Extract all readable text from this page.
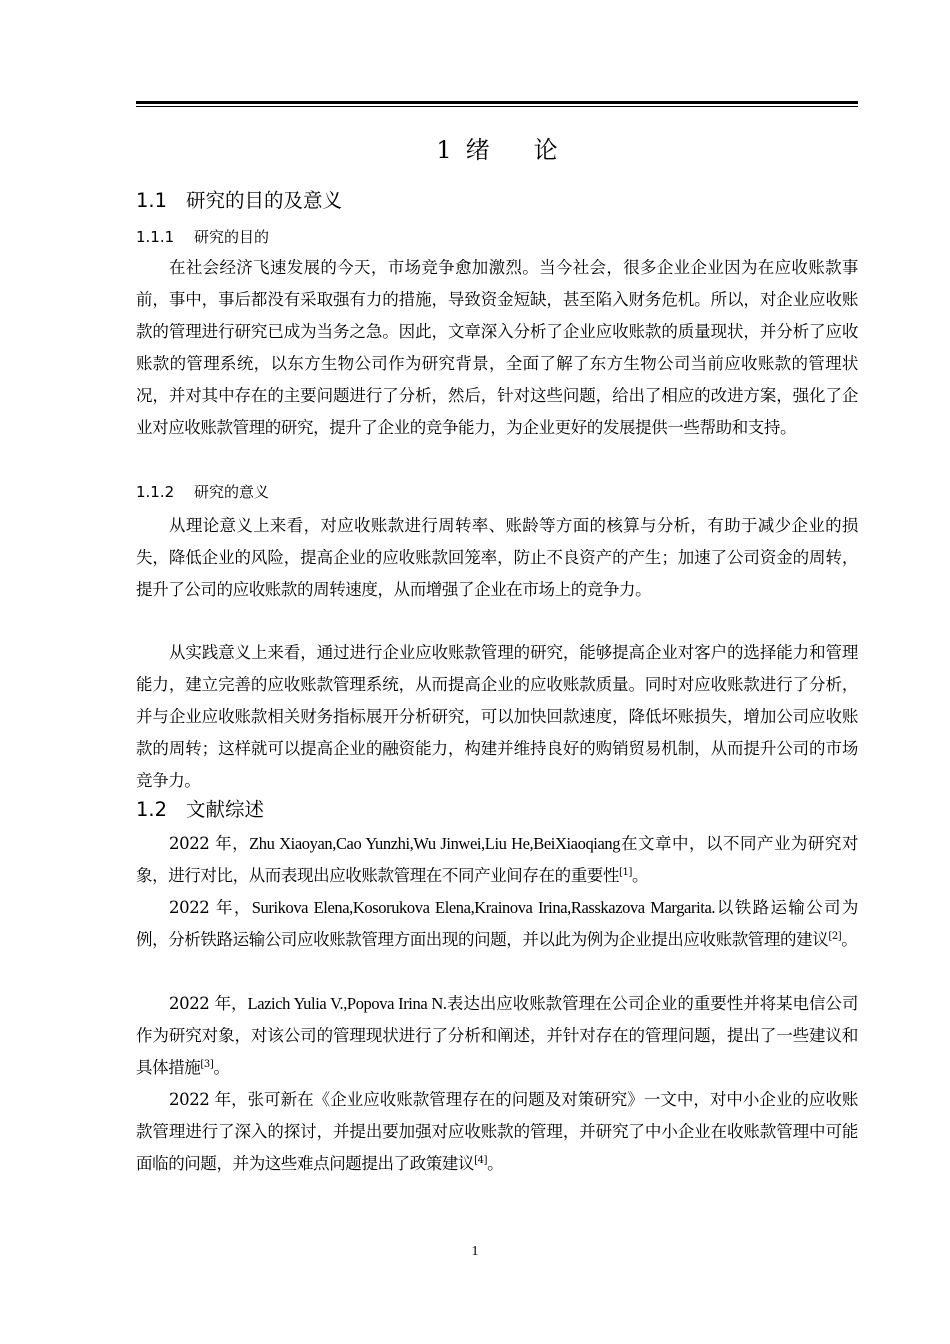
1 绪 论
1.1 研究的目的及意义
1.1.1 研究的目的

在社会经济飞速发展的今天，市场竞争愈加激烈。当今社会，很多企业企业因为在应收账款事前，事中，事后都没有采取强有力的措施，导致资金短缺，甚至陷入财务危机。所以，对企业应收账款的管理进行研究已成为当务之急。因此，文章深入分析了企业应收账款的质量现状，并分析了应收账款的管理系统，以东方生物公司作为研究背景，全面了解了东方生物公司当前应收账款的管理状况，并对其中存在的主要问题进行了分析，然后，针对这些问题，给出了相应的改进方案，强化了企业对应收账款管理的研究，提升了企业的竞争能力，为企业更好的发展提供一些帮助和支持。

1.1.2 研究的意义

从理论意义上来看，对应收账款进行周转率、账龄等方面的核算与分析，有助于减少企业的损失，降低企业的风险，提高企业的应收账款回笼率，防止不良资产的产生；加速了公司资金的周转，提升了公司的应收账款的周转速度，从而增强了企业在市场上的竞争力。

从实践意义上来看，通过进行企业应收账款管理的研究，能够提高企业对客户的选择能力和管理能力，建立完善的应收账款管理系统，从而提高企业的应收账款质量。同时对应收账款进行了分析，并与企业应收账款相关财务指标展开分析研究，可以加快回款速度，降低坏账损失，增加公司应收账款的周转；这样就可以提高企业的融资能力，构建并维持良好的购销贸易机制，从而提升公司的市场竞争力。

1.2 文献综述

2022 年，Zhu Xiaoyan,Cao Yunzhi,Wu Jinwei,Liu He,BeiXiaoqiang在文章中，以不同产业为研究对象，进行对比，从而表现出应收账款管理在不同产业间存在的重要性[1]。

2022 年，Surikova Elena,Kosorukova Elena,Krainova Irina,Rasskazova Margarita.以铁路运输公司为例，分析铁路运输公司应收账款管理方面出现的问题，并以此为例为企业提出应收账款管理的建议[2]。

2022 年，Lazich Yulia V.,Popova Irina N.表达出应收账款管理在公司企业的重要性并将某电信公司作为研究对象，对该公司的管理现状进行了分析和阐述，并针对存在的管理问题，提出了一些建议和具体措施[3]。

2022 年，张可新在《企业应收账款管理存在的问题及对策研究》一文中，对中小企业的应收账款管理进行了深入的探讨，并提出要加强对应收账款的管理，并研究了中小企业在收账款管理中可能面临的问题，并为这些难点问题提出了政策建议[4]。

1
